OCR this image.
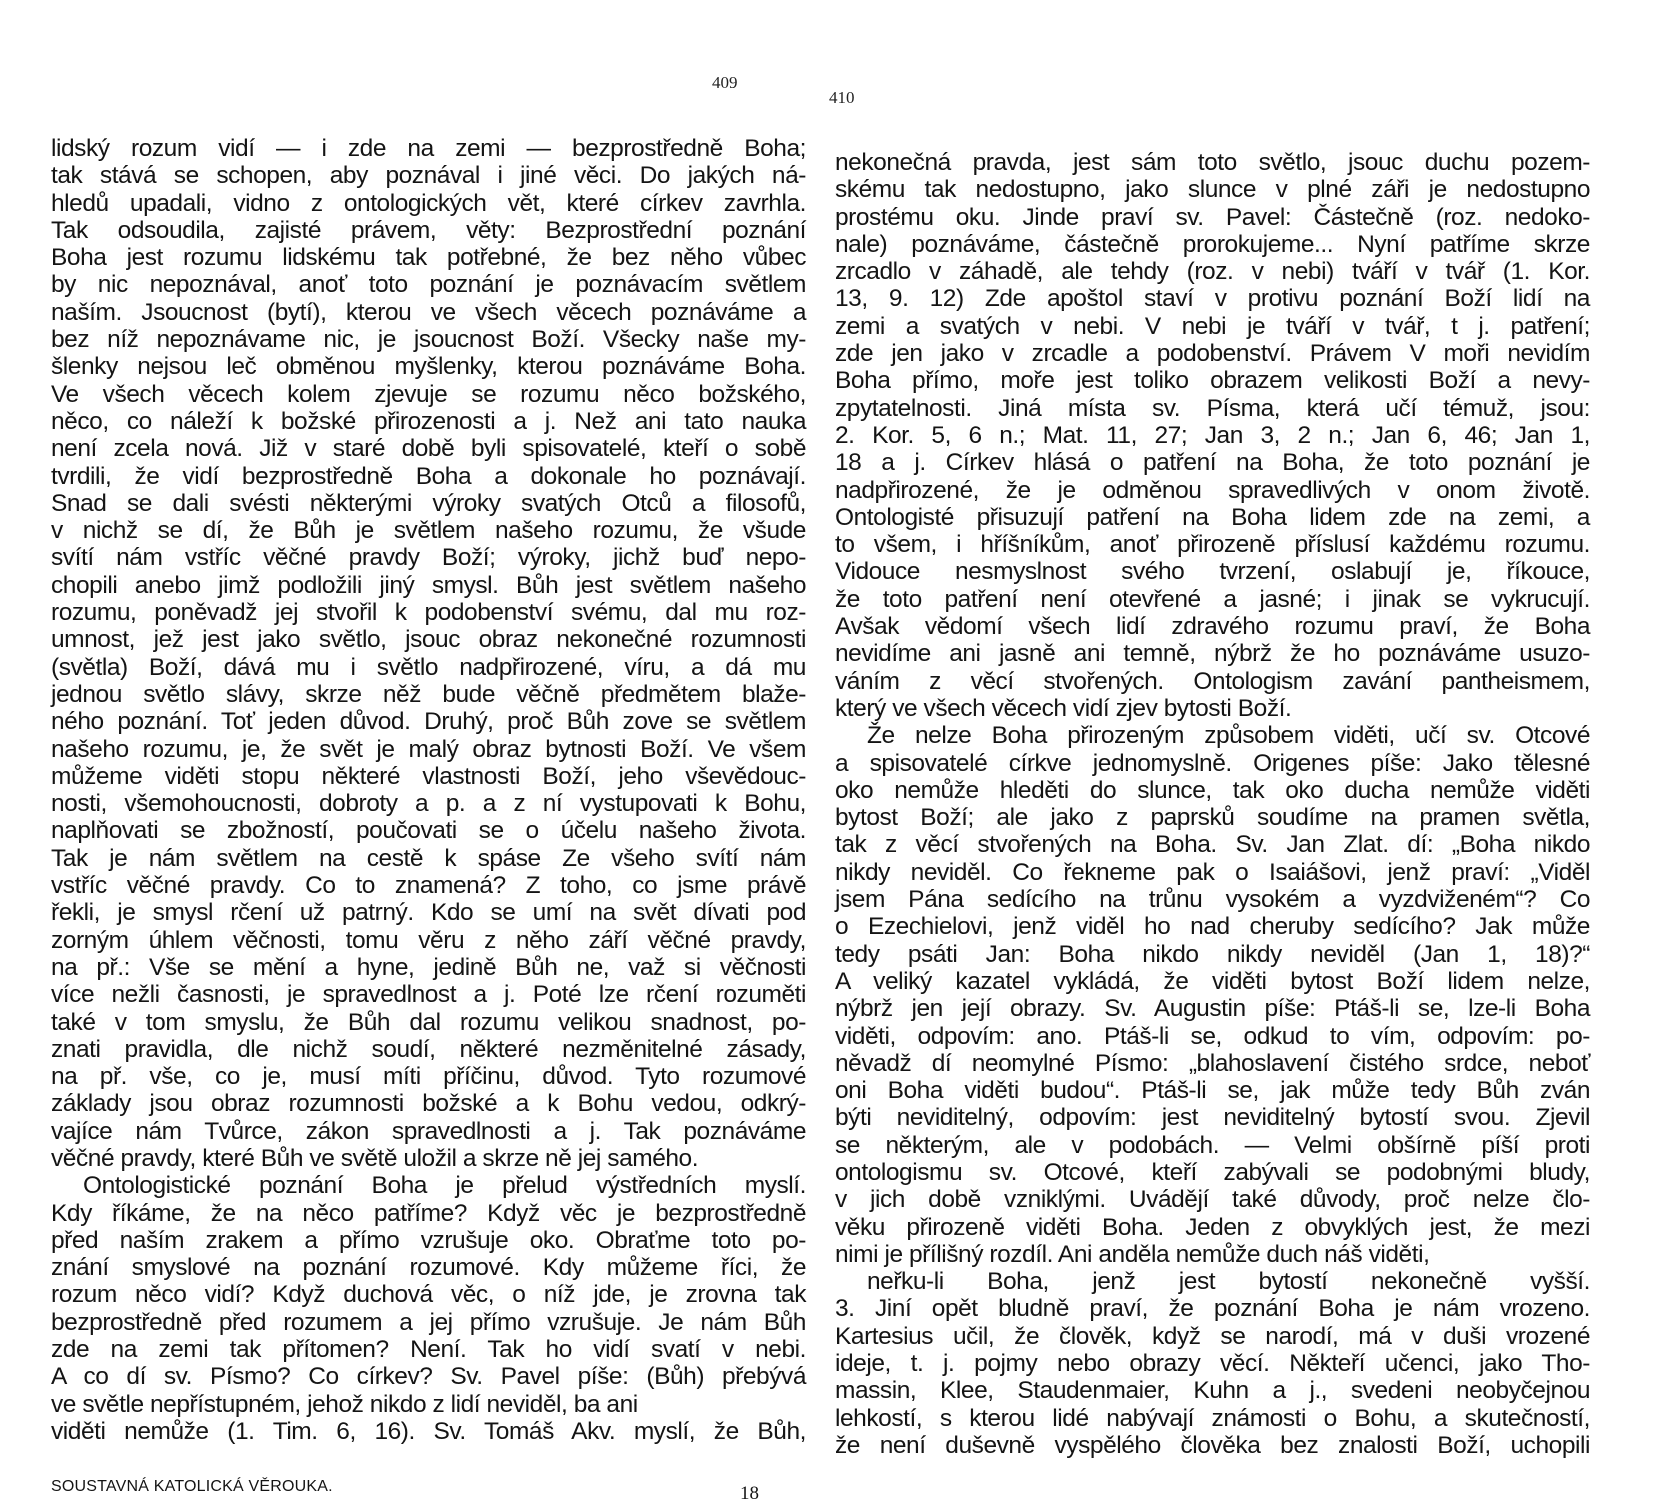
409
410
lidský rozum vidí — i zde na zemi — bezprostředně Boha;
tak stává se schopen, aby poznával i jiné věci. Do jakých ná-
hledů upadali, vidno z ontologických vět, které církev zavrhla.
Tak odsoudila, zajisté právem, věty: Bezprostřední poznání
Boha jest rozumu lidskému tak potřebné, že bez něho vůbec
by nic nepoznával, anoť toto poznání je poznávacím světlem
naším. Jsoucnost (bytí), kterou ve všech věcech poznáváme a
bez níž nepoznávame nic, je jsoucnost Boží. Všecky naše my-
šlenky nejsou leč obměnou myšlenky, kterou poznáváme Boha.
Ve všech věcech kolem zjevuje se rozumu něco božského,
něco, co náleží k božské přirozenosti a j. Než ani tato nauka
není zcela nová. Již v staré době byli spisovatelé, kteří o sobě
tvrdili, že vidí bezprostředně Boha a dokonale ho poznávají.
Snad se dali svésti některými výroky svatých Otců a filosofů,
v nichž se dí, že Bůh je světlem našeho rozumu, že všude
svítí nám vstříc věčné pravdy Boží; výroky, jichž buď nepo-
chopili anebo jimž podložili jiný smysl. Bůh jest světlem našeho
rozumu, poněvadž jej stvořil k podobenství svému, dal mu roz-
umnost, jež jest jako světlo, jsouc obraz nekonečné rozumnosti
(světla) Boží, dává mu i světlo nadpřirozené, víru, a dá mu
jednou světlo slávy, skrze něž bude věčně předmětem blaže-
ného poznání. Toť jeden důvod. Druhý, proč Bůh zove se světlem
našeho rozumu, je, že svět je malý obraz bytnosti Boží. Ve všem
můžeme viděti stopu některé vlastnosti Boží, jeho vševědouc-
nosti, všemohoucnosti, dobroty a p. a z ní vystupovati k Bohu,
naplňovati se zbožností, poučovati se o účelu našeho života.
Tak je nám světlem na cestě k spáse Ze všeho svítí nám
vstříc věčné pravdy. Co to znamená? Z toho, co jsme právě
řekli, je smysl rčení už patrný. Kdo se umí na svět dívati pod
zorným úhlem věčnosti, tomu věru z něho září věčné pravdy,
na př.: Vše se mění a hyne, jedině Bůh ne, važ si věčnosti
více nežli časnosti, je spravedlnost a j. Poté lze rčení rozuměti
také v tom smyslu, že Bůh dal rozumu velikou snadnost, po-
znati pravidla, dle nichž soudí, některé nezměnitelné zásady,
na př. vše, co je, musí míti příčinu, důvod. Tyto rozumové
základy jsou obraz rozumnosti božské a k Bohu vedou, odkrý-
vajíce nám Tvůrce, zákon spravedlnosti a j. Tak poznáváme
věčné pravdy, které Bůh ve světě uložil a skrze ně jej samého.
Ontologistické poznání Boha je přelud výstředních myslí.
Kdy říkáme, že na něco patříme? Když věc je bezprostředně
před naším zrakem a přímo vzrušuje oko. Obraťme toto po-
znání smyslové na poznání rozumové. Kdy můžeme říci, že
rozum něco vidí? Když duchová věc, o níž jde, je zrovna tak
bezprostředně před rozumem a jej přímo vzrušuje. Je nám Bůh
zde na zemi tak přítomen? Není. Tak ho vidí svatí v nebi.
A co dí sv. Písmo? Co církev? Sv. Pavel píše: (Bůh) přebývá
ve světle nepřístupném, jehož nikdo z lidí neviděl, ba ani
viděti nemůže (1. Tim. 6, 16). Sv. Tomáš Akv. myslí, že Bůh,
nekonečná pravda, jest sám toto světlo, jsouc duchu pozem-
skému tak nedostupno, jako slunce v plné záři je nedostupno
prostému oku. Jinde praví sv. Pavel: Částečně (roz. nedoko-
nale) poznáváme, částečně prorokujeme... Nyní patříme skrze
zrcadlo v záhadě, ale tehdy (roz. v nebi) tváří v tvář (1. Kor.
13, 9. 12) Zde apoštol staví v protivu poznání Boží lidí na
zemi a svatých v nebi. V nebi je tváří v tvář, t j. patření;
zde jen jako v zrcadle a podobenství. Právem V moři nevidím
Boha přímo, moře jest toliko obrazem velikosti Boží a nevy-
zpytatelnosti. Jiná místa sv. Písma, která učí témuž, jsou:
2. Kor. 5, 6 n.; Mat. 11, 27; Jan 3, 2 n.; Jan 6, 46; Jan 1,
18 a j. Církev hlásá o patření na Boha, že toto poznání je
nadpřirozené, že je odměnou spravedlivých v onom životě.
Ontologisté přisuzují patření na Boha lidem zde na zemi, a
to všem, i hříšníkům, anoť přirozeně příslusí každému rozumu.
Vidouce nesmyslnost svého tvrzení, oslabují je, říkouce,
že toto patření není otevřené a jasné; i jinak se vykrucují.
Avšak vědomí všech lidí zdravého rozumu praví, že Boha
nevidíme ani jasně ani temně, nýbrž že ho poznáváme usuzo-
váním z věcí stvořených. Ontologism zavání pantheismem,
který ve všech věcech vidí zjev bytosti Boží.
Že nelze Boha přirozeným způsobem viděti, učí sv. Otcové
a spisovatelé církve jednomyslně. Origenes píše: Jako tělesné
oko nemůže hleděti do slunce, tak oko ducha nemůže viděti
bytost Boží; ale jako z paprsků soudíme na pramen světla,
tak z věcí stvořených na Boha. Sv. Jan Zlat. dí: „Boha nikdo
nikdy neviděl. Co řekneme pak o Isaiášovi, jenž praví: „Viděl
jsem Pána sedícího na trůnu vysokém a vyzdviženém“? Co
o Ezechielovi, jenž viděl ho nad cheruby sedícího? Jak může
tedy psáti Jan: Boha nikdo nikdy neviděl (Jan 1, 18)?“
A veliký kazatel vykládá, že viděti bytost Boží lidem nelze,
nýbrž jen její obrazy. Sv. Augustin píše: Ptáš-li se, lze-li Boha
viděti, odpovím: ano. Ptáš-li se, odkud to vím, odpovím: po-
něvadž dí neomylné Písmo: „blahoslavení čistého srdce, neboť
oni Boha viděti budou“. Ptáš-li se, jak může tedy Bůh zván
býti neviditelný, odpovím: jest neviditelný bytostí svou. Zjevil
se některým, ale v podobách. — Velmi obšírně píší proti
ontologismu sv. Otcové, kteří zabývali se podobnými bludy,
v jich době vzniklými. Uvádějí také důvody, proč nelze člo-
věku přirozeně viděti Boha. Jeden z obvyklých jest, že mezi
nimi je přílišný rozdíl. Ani anděla nemůže duch náš viděti,
neřku-li Boha, jenž jest bytostí nekonečně vyšší.
3. Jiní opět bludně praví, že poznání Boha je nám vrozeno.
Kartesius učil, že člověk, když se narodí, má v duši vrozené
ideje, t. j. pojmy nebo obrazy věcí. Někteří učenci, jako Tho-
massin, Klee, Staudenmaier, Kuhn a j., svedeni neobyčejnou
lehkostí, s kterou lidé nabývají známosti o Bohu, a skutečností,
že není duševně vyspělého člověka bez znalosti Boží, uchopili
SOUSTAVNÁ KATOLICKÁ VĚROUKA.	18
